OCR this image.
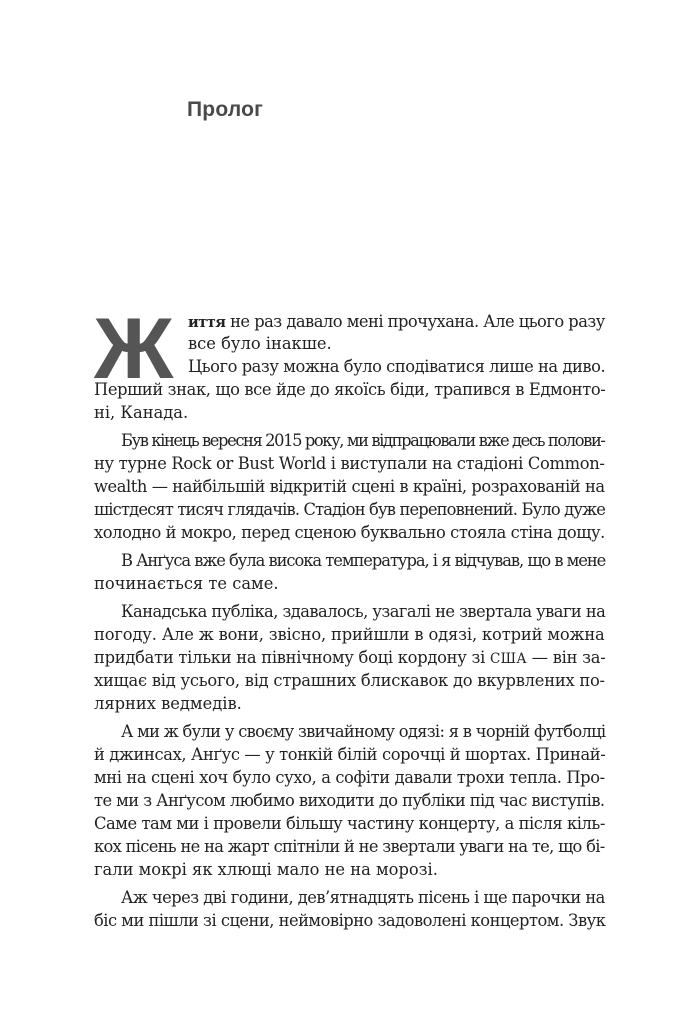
Пролог
Ж иття не раз давало мені прочухана. Але цього разу
все було інакше.
Цього разу можна було сподіватися лише на диво.
Перший знак, що все йде до якоїсь біди, трапився в Едмонто-
ні, Канада.
Був кінець вересня 2015 року, ми відпрацювали вже десь полови-
ну турне Rock or Bust World і виступали на стадіоні Common-
wealth — найбільшій відкритій сцені в країні, розрахованій на
шістдесят тисяч глядачів. Стадіон був переповнений. Було дуже
холодно й мокро, перед сценою буквально стояла стіна дощу.
В Анґуса вже була висока температура, і я відчував, що в мене
починається те саме.
Канадська публіка, здавалось, узагалі не звертала уваги на
погоду. Але ж вони, звісно, прийшли в одязі, котрий можна
придбати тільки на північному боці кордону зі США — він за-
хищає від усього, від страшних блискавок до вкурвлених по-
лярних ведмедів.
А ми ж були у своєму звичайному одязі: я в чорній футболці
й джинсах, Анґус — у тонкій білій сорочці й шортах. Принай-
мні на сцені хоч було сухо, а софіти давали трохи тепла. Про-
те ми з Анґусом любимо виходити до публіки під час виступів.
Саме там ми і провели більшу частину концерту, а після кіль-
кох пісень не на жарт спітніли й не звертали уваги на те, що бі-
гали мокрі як хлющі мало не на морозі.
Аж через дві години, дев’ятнадцять пісень і ще парочки на
біс ми пішли зі сцени, неймовірно задоволені концертом. Звук
